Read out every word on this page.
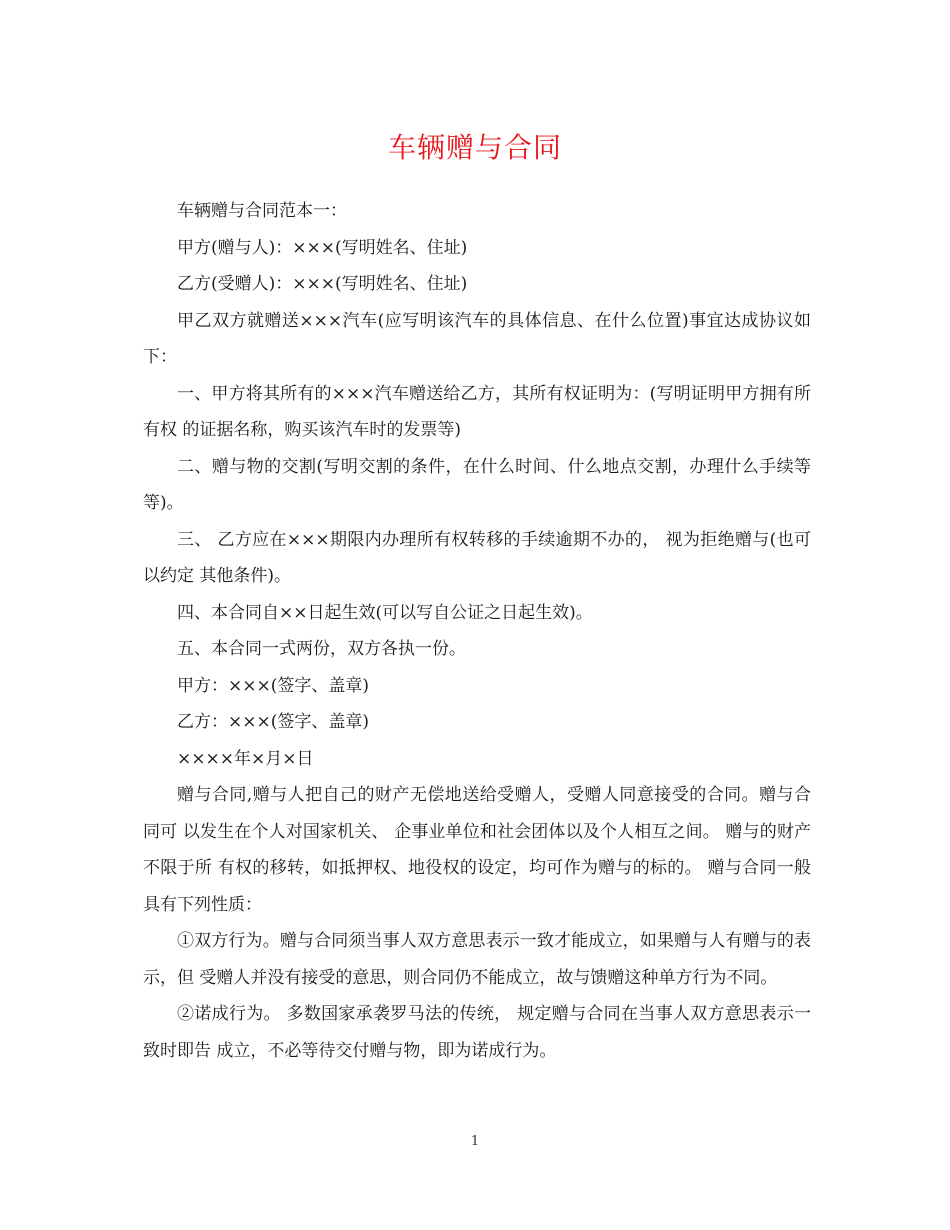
车辆赠与合同

车辆赠与合同范本一：

甲方(赠与人)：×××(写明姓名、住址)

乙方(受赠人)：×××(写明姓名、住址)

甲乙双方就赠送×××汽车(应写明该汽车的具体信息、在什么位置)事宜达成协议如下：

一、甲方将其所有的×××汽车赠送给乙方，其所有权证明为：(写明证明甲方拥有所有权 的证据名称，购买该汽车时的发票等)

二、赠与物的交割(写明交割的条件，在什么时间、什么地点交割，办理什么手续等等)。

三、 乙方应在×××期限内办理所有权转移的手续逾期不办的， 视为拒绝赠与(也可以约定 其他条件)。

四、本合同自××日起生效(可以写自公证之日起生效)。

五、本合同一式两份，双方各执一份。

甲方：×××(签字、盖章)

乙方：×××(签字、盖章)

××××年×月×日

赠与合同,赠与人把自己的财产无偿地送给受赠人，受赠人同意接受的合同。赠与合同可 以发生在个人对国家机关、 企事业单位和社会团体以及个人相互之间。 赠与的财产不限于所 有权的移转，如抵押权、地役权的设定，均可作为赠与的标的。 赠与合同一般具有下列性质：

①双方行为。赠与合同须当事人双方意思表示一致才能成立，如果赠与人有赠与的表示，但 受赠人并没有接受的意思，则合同仍不能成立，故与馈赠这种单方行为不同。

②诺成行为。 多数国家承袭罗马法的传统， 规定赠与合同在当事人双方意思表示一致时即告 成立，不必等待交付赠与物，即为诺成行为。

1
